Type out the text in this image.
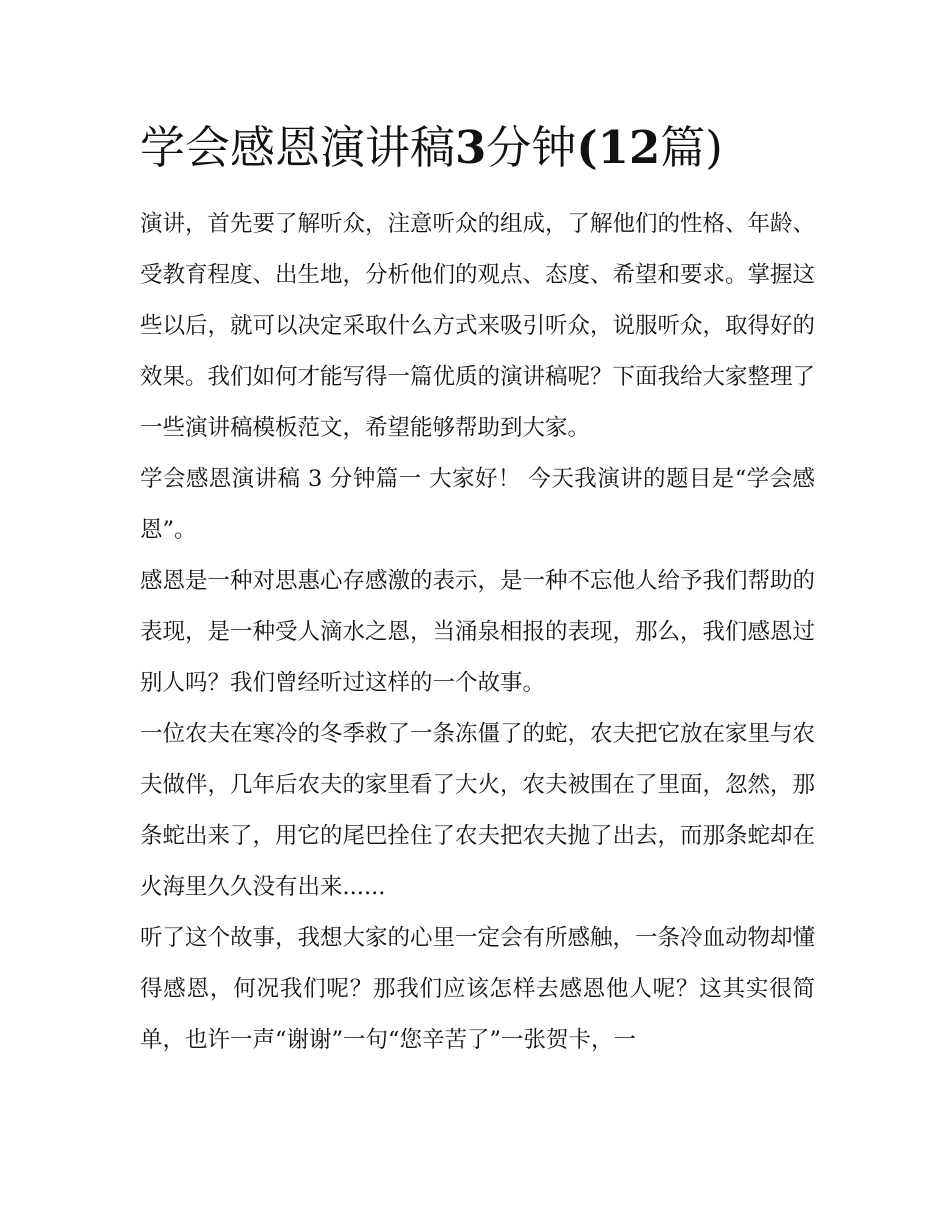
学会感恩演讲稿3分钟(12篇)

演讲，首先要了解听众，注意听众的组成，了解他们的性格、年龄、受教育程度、出生地，分析他们的观点、态度、希望和要求。掌握这些以后，就可以决定采取什么方式来吸引听众，说服听众，取得好的效果。我们如何才能写得一篇优质的演讲稿呢？下面我给大家整理了一些演讲稿模板范文，希望能够帮助到大家。

学会感恩演讲稿 3 分钟篇一 大家好！ 今天我演讲的题目是“学会感恩”。

感恩是一种对思惠心存感激的表示，是一种不忘他人给予我们帮助的表现，是一种受人滴水之恩，当涌泉相报的表现，那么，我们感恩过别人吗？我们曾经听过这样的一个故事。

一位农夫在寒冷的冬季救了一条冻僵了的蛇，农夫把它放在家里与农夫做伴，几年后农夫的家里看了大火，农夫被围在了里面，忽然，那条蛇出来了，用它的尾巴拴住了农夫把农夫抛了出去，而那条蛇却在火海里久久没有出来......

听了这个故事，我想大家的心里一定会有所感触，一条冷血动物却懂得感恩，何况我们呢？那我们应该怎样去感恩他人呢？这其实很简单，也许一声“谢谢”一句“您辛苦了”一张贺卡，一
